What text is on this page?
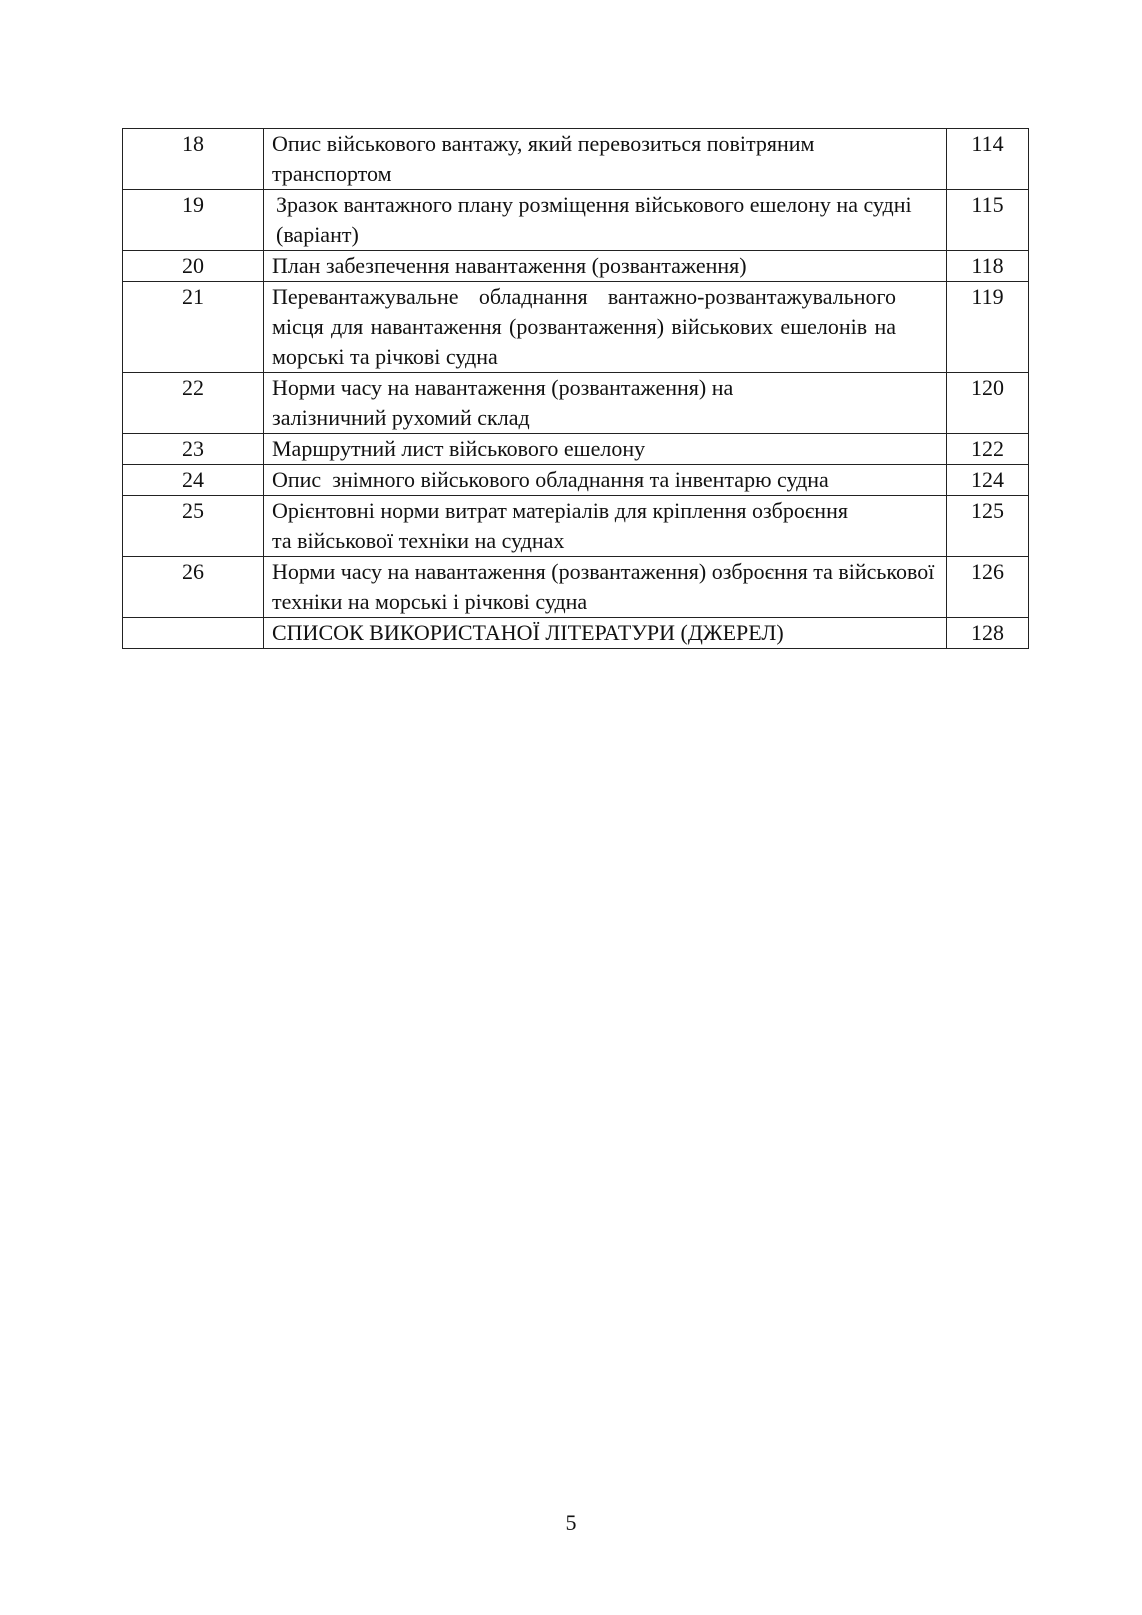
18	Опис військового вантажу, який перевозиться повітряним транспортом	114
19	Зразок вантажного плану розміщення військового ешелону на судні (варіант)	115
20	План забезпечення навантаження (розвантаження)	118
21	Перевантажувальне обладнання вантажно-розвантажувального місця для навантаження (розвантаження) військових ешелонів на морські та річкові судна	119
22	Норми часу на навантаження (розвантаження) на залізничний рухомий склад	120
23	Маршрутний лист військового ешелону	122
24	Опис  знімного військового обладнання та інвентарю судна	124
25	Орієнтовні норми витрат матеріалів для кріплення озброєння та військової техніки на суднах	125
26	Норми часу на навантаження (розвантаження) озброєння та військової техніки на морські і річкові судна	126
	СПИСОК ВИКОРИСТАНОЇ ЛІТЕРАТУРИ (ДЖЕРЕЛ)	128
5
